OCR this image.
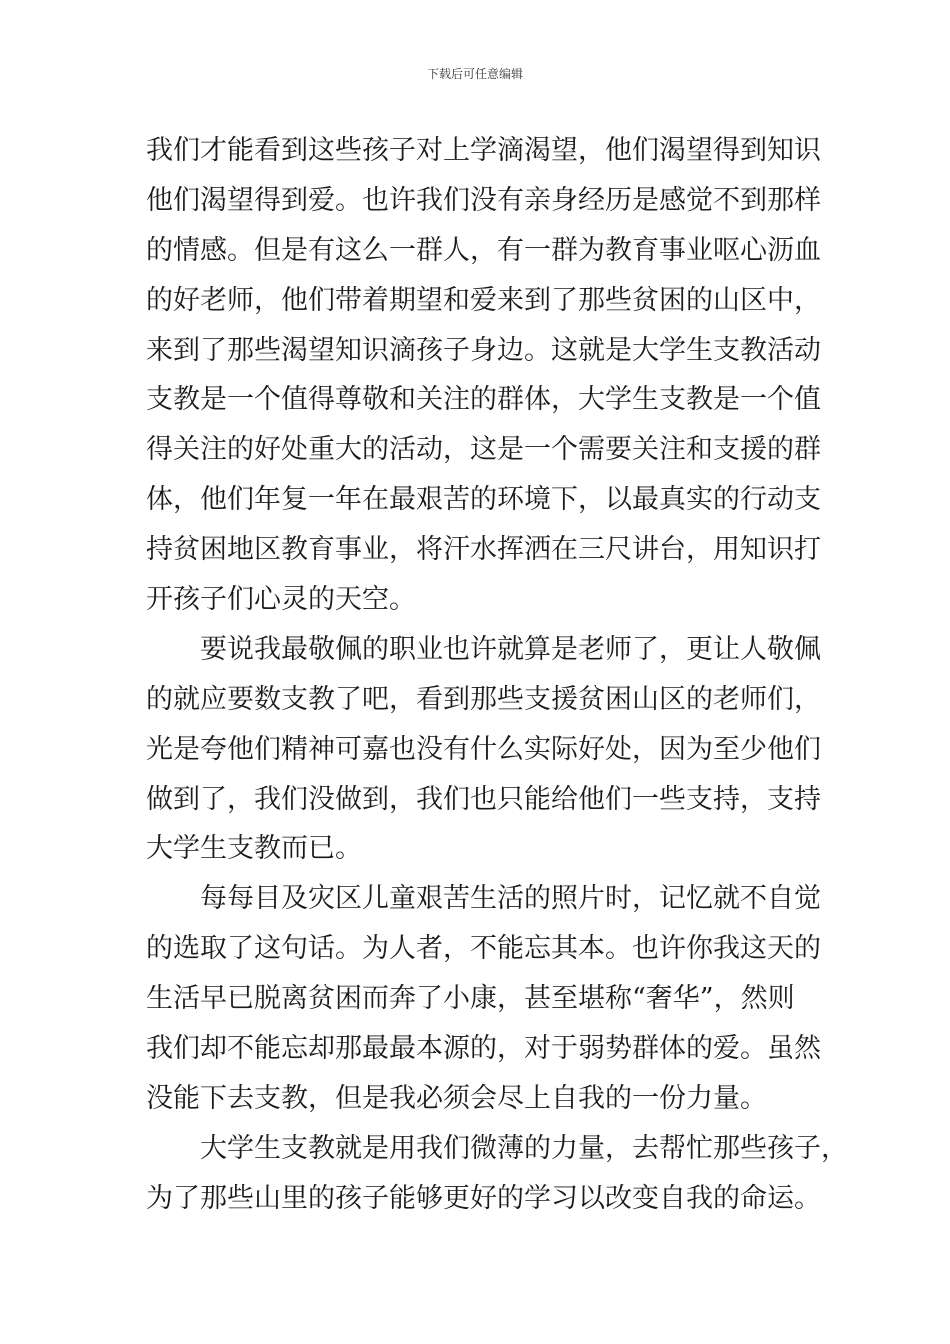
下载后可任意编辑
我们才能看到这些孩子对上学滴渴望，他们渴望得到知识
他们渴望得到爱。也许我们没有亲身经历是感觉不到那样
的情感。但是有这么一群人，有一群为教育事业呕心沥血
的好老师，他们带着期望和爱来到了那些贫困的山区中，
来到了那些渴望知识滴孩子身边。这就是大学生支教活动
支教是一个值得尊敬和关注的群体，大学生支教是一个值
得关注的好处重大的活动，这是一个需要关注和支援的群
体，他们年复一年在最艰苦的环境下，以最真实的行动支
持贫困地区教育事业，将汗水挥洒在三尺讲台，用知识打
开孩子们心灵的天空。
要说我最敬佩的职业也许就算是老师了，更让人敬佩
的就应要数支教了吧，看到那些支援贫困山区的老师们，
光是夸他们精神可嘉也没有什么实际好处，因为至少他们
做到了，我们没做到，我们也只能给他们一些支持，支持
大学生支教而已。
每每目及灾区儿童艰苦生活的照片时，记忆就不自觉
的选取了这句话。为人者，不能忘其本。也许你我这天的
生活早已脱离贫困而奔了小康，甚至堪称“奢华”，然则
我们却不能忘却那最最本源的，对于弱势群体的爱。虽然
没能下去支教，但是我必须会尽上自我的一份力量。
大学生支教就是用我们微薄的力量，去帮忙那些孩子，
为了那些山里的孩子能够更好的学习以改变自我的命运。
